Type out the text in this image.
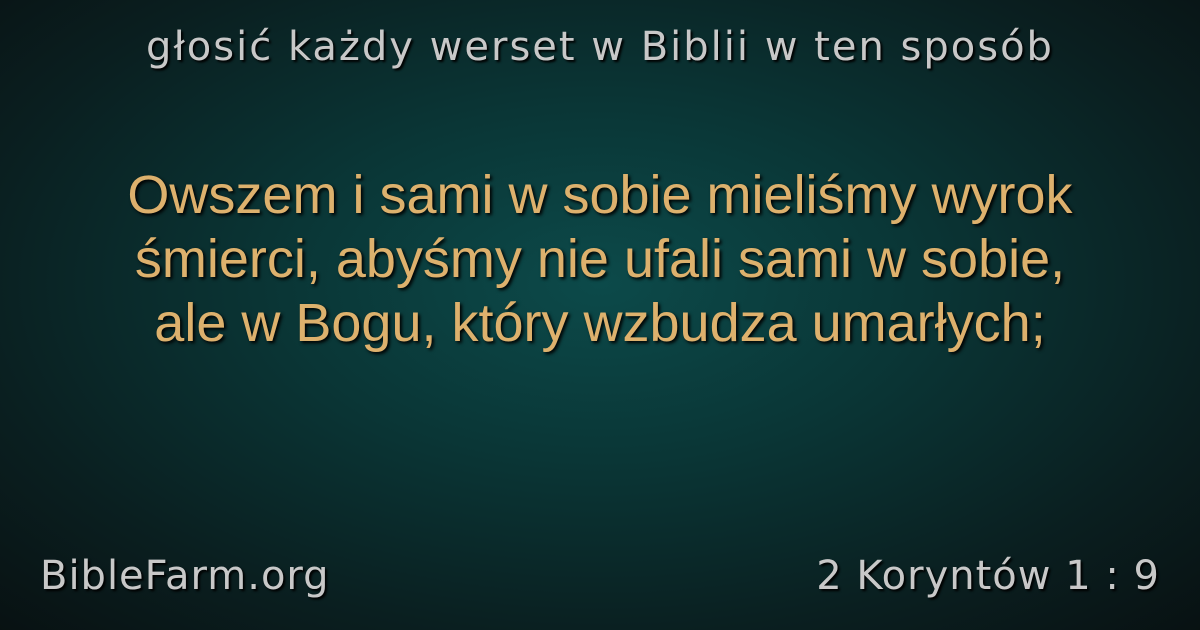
głosić każdy werset w Biblii w ten sposób
Owszem i sami w sobie mieliśmy wyrok
śmierci, abyśmy nie ufali sami w sobie,
ale w Bogu, który wzbudza umarłych;
BibleFarm.org	2 Koryntów 1 : 9
